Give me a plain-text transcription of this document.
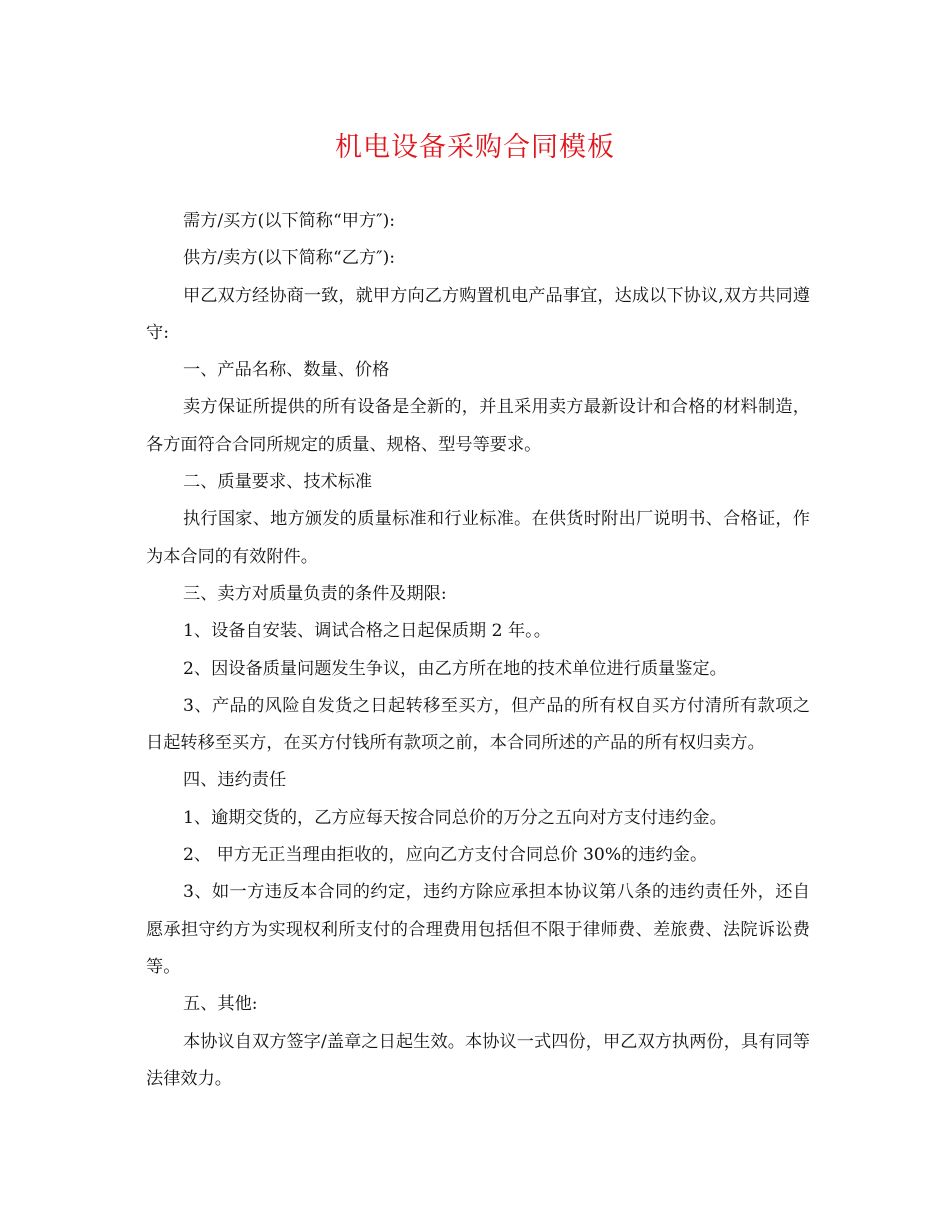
机电设备采购合同模板

需方/买方(以下简称“甲方″):

供方/卖方(以下简称“乙方″):

甲乙双方经协商一致，就甲方向乙方购置机电产品事宜，达成以下协议,双方共同遵守:

一、产品名称、数量、价格

卖方保证所提供的所有设备是全新的，并且采用卖方最新设计和合格的材料制造，各方面符合合同所规定的质量、规格、型号等要求。

二、质量要求、技术标准

执行国家、地方颁发的质量标准和行业标准。在供货时附出厂说明书、合格证，作为本合同的有效附件。

三、卖方对质量负责的条件及期限:

1、设备自安装、调试合格之日起保质期 2 年。。

2、因设备质量问题发生争议，由乙方所在地的技术单位进行质量鉴定。

3、产品的风险自发货之日起转移至买方，但产品的所有权自买方付清所有款项之日起转移至买方，在买方付钱所有款项之前，本合同所述的产品的所有权归卖方。

四、违约责任

1、逾期交货的，乙方应每天按合同总价的万分之五向对方支付违约金。

2、 甲方无正当理由拒收的，应向乙方支付合同总价 30%的违约金。

3、如一方违反本合同的约定，违约方除应承担本协议第八条的违约责任外，还自愿承担守约方为实现权利所支付的合理费用包括但不限于律师费、差旅费、法院诉讼费等。

五、其他:

本协议自双方签字/盖章之日起生效。本协议一式四份，甲乙双方执两份，具有同等法律效力。
